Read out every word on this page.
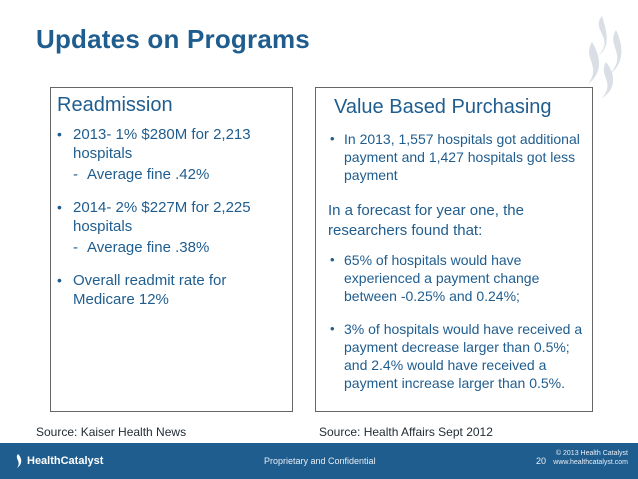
Updates on Programs
Readmission
• 2013- 1% $280M for 2,213 hospitals
- Average fine .42%
• 2014- 2% $227M for 2,225 hospitals
- Average fine .38%
• Overall readmit rate for Medicare 12%
Value Based Purchasing
• In 2013, 1,557 hospitals got additional payment and 1,427 hospitals got less payment
In a forecast for year one, the researchers found that:
• 65% of hospitals would have experienced a payment change between -0.25% and 0.24%;
• 3% of hospitals would have received a payment decrease larger than 0.5%; and 2.4% would have received a payment increase larger than 0.5%.
Source: Kaiser Health News	Source: Health Affairs Sept 2012
HealthCatalyst	Proprietary and Confidential	20
© 2013 Health Catalyst
www.healthcatalyst.com
